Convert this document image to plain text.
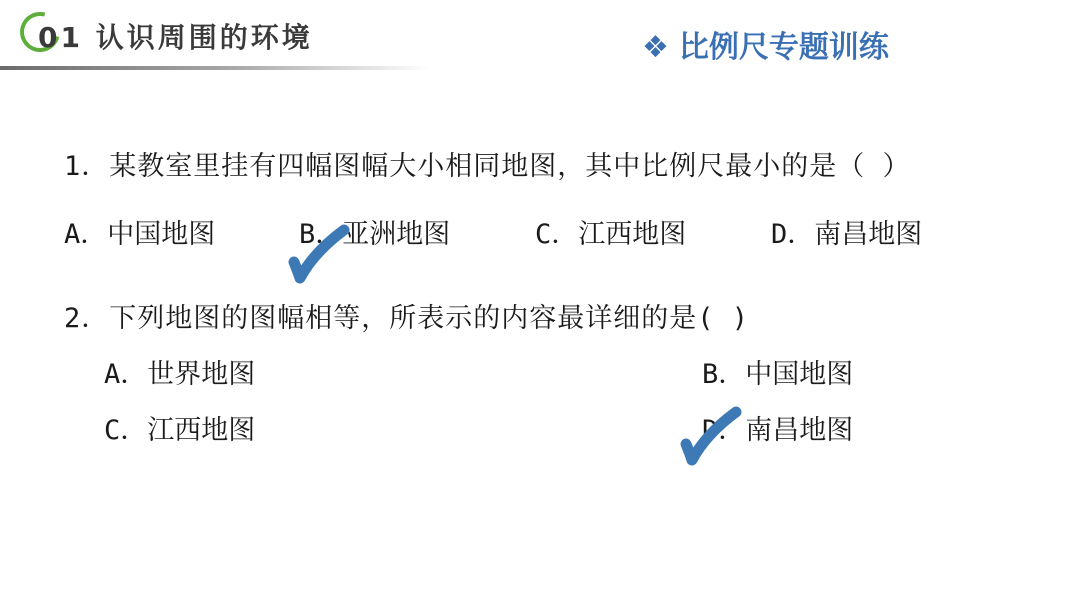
01 认识周围的环境	❖ 比例尺专题训练
1．某教室里挂有四幅图幅大小相同地图，其中比例尺最小的是（ ）
A．中国地图	B．亚洲地图	C．江西地图	D．南昌地图
2．下列地图的图幅相等，所表示的内容最详细的是( )
A．世界地图	B．中国地图
C．江西地图	D．南昌地图
